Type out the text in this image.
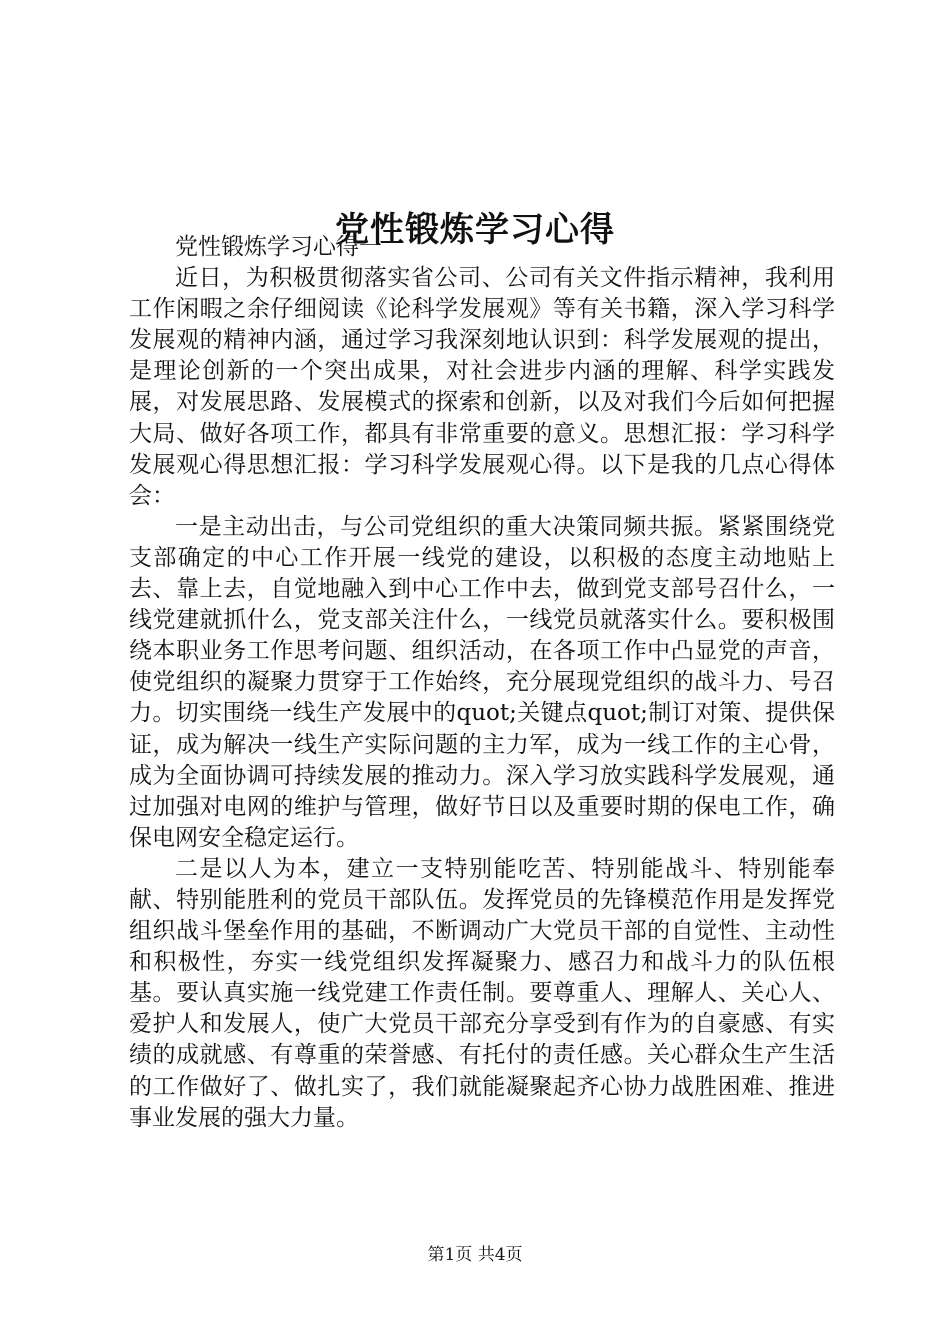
党性锻炼学习心得

党性锻炼学习心得一

近日，为积极贯彻落实省公司、公司有关文件指示精神，我利用工作闲暇之余仔细阅读《论科学发展观》等有关书籍，深入学习科学发展观的精神内涵，通过学习我深刻地认识到：科学发展观的提出，是理论创新的一个突出成果，对社会进步内涵的理解、科学实践发展，对发展思路、发展模式的探索和创新，以及对我们今后如何把握大局、做好各项工作，都具有非常重要的意义。思想汇报：学习科学发展观心得思想汇报：学习科学发展观心得。以下是我的几点心得体会：

一是主动出击，与公司党组织的重大决策同频共振。紧紧围绕党支部确定的中心工作开展一线党的建设，以积极的态度主动地贴上去、靠上去，自觉地融入到中心工作中去，做到党支部号召什么，一线党建就抓什么，党支部关注什么，一线党员就落实什么。要积极围绕本职业务工作思考问题、组织活动，在各项工作中凸显党的声音，使党组织的凝聚力贯穿于工作始终，充分展现党组织的战斗力、号召力。切实围绕一线生产发展中的quot;关键点quot;制订对策、提供保证，成为解决一线生产实际问题的主力军，成为一线工作的主心骨，成为全面协调可持续发展的推动力。深入学习放实践科学发展观，通过加强对电网的维护与管理，做好节日以及重要时期的保电工作，确保电网安全稳定运行。

二是以人为本，建立一支特别能吃苦、特别能战斗、特别能奉献、特别能胜利的党员干部队伍。发挥党员的先锋模范作用是发挥党组织战斗堡垒作用的基础，不断调动广大党员干部的自觉性、主动性和积极性，夯实一线党组织发挥凝聚力、感召力和战斗力的队伍根基。要认真实施一线党建工作责任制。要尊重人、理解人、关心人、爱护人和发展人，使广大党员干部充分享受到有作为的自豪感、有实绩的成就感、有尊重的荣誉感、有托付的责任感。关心群众生产生活的工作做好了、做扎实了，我们就能凝聚起齐心协力战胜困难、推进事业发展的强大力量。

第1页 共4页
